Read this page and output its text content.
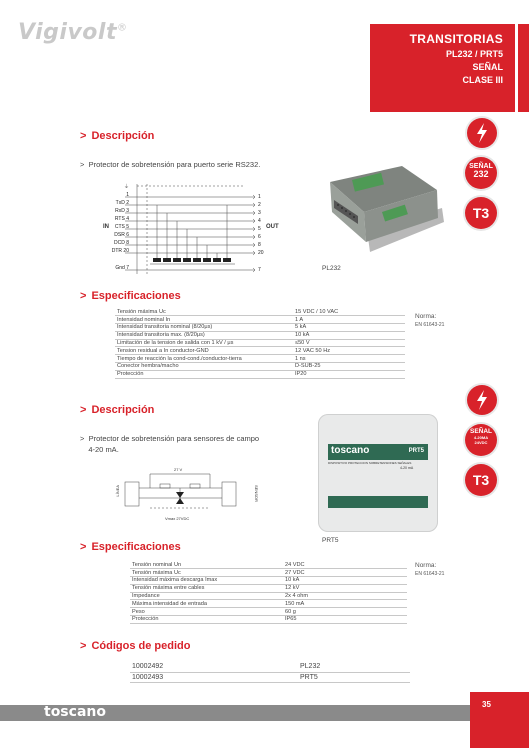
Vigivolt®
TRANSITORIAS
PL232 / PRT5
SEÑAL
CLASE III
> Descripción
>  Protector de sobretensión para puerto serie RS232.
⏚
1
TxD 2
RxD 3
RTS 4
CTS 5
DSR 6
DCD 8
DTR 20
Gnd 7
1
2
3
4
5
6
8
20
7
IN	OUT
PL232
SEÑAL
232
T3
> Especificaciones
Tensión máxima Uc	15 VDC / 10 VAC
Intensidad nominal In	1 A
Intensidad transitoria nominal (8/20μs)	5 kA
Intensidad transitoria max. (8/20μs)	10 kA
Limitación de la tension de salida con 1 kV / μs	≤50 V
Tension residual a In conductor-GND	12 VAC 50 Hz
Tiempo de reacción la cond-cond./conductor-tierra	1 ns
Conector hembra/macho	D-SUB-25
Protección	IP20
Norma:
EN 61643-21
SEÑAL
4-20MA
24VDC
T3
> Descripción
>  Protector de sobretensión para sensores de campo
4-20 mA.
27 V
Vmax 27VDC
LÍNEA	SENSOR
toscano	PRT5
DISPOSITIVO PROTECCION SOBRETENSIONES SEÑALES
4-20 mA
PRT5
> Especificaciones
Tensión nominal Un	24 VDC
Tensión máxima Uc	27 VDC
Intensidad máxima descarga Imax	10 kA
Tensión máxima entre cables	12 kV
Impedance	2x 4 ohm
Máxima intensidad de entrada	150 mA
Peso	60 g
Protección	IP65
Norma:
EN 61643-21
> Códigos de pedido
10002492	PL232
10002493	PRT5
toscano	35
